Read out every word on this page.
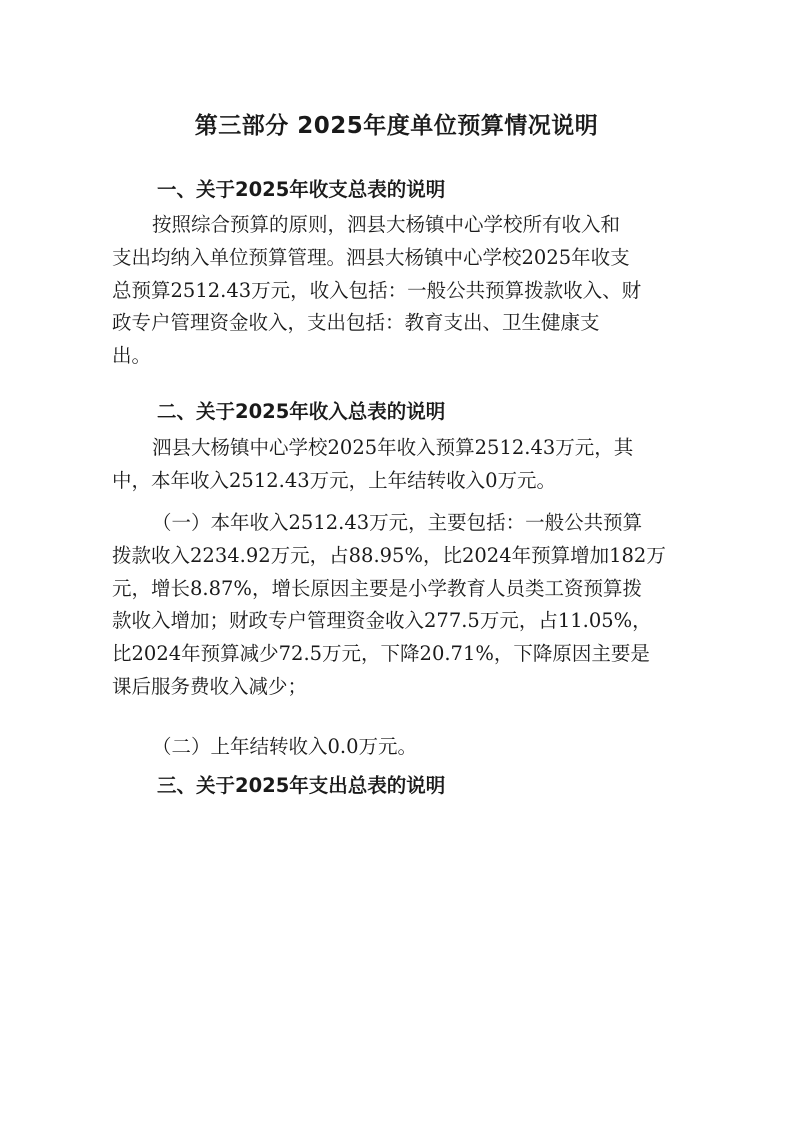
第三部分 2025年度单位预算情况说明
一、关于2025年收支总表的说明
按照综合预算的原则，泗县大杨镇中心学校所有收入和
支出均纳入单位预算管理。泗县大杨镇中心学校2025年收支
总预算2512.43万元，收入包括：一般公共预算拨款收入、财
政专户管理资金收入，支出包括：教育支出、卫生健康支
出。
二、关于2025年收入总表的说明
泗县大杨镇中心学校2025年收入预算2512.43万元，其
中，本年收入2512.43万元，上年结转收入0万元。
（一）本年收入2512.43万元，主要包括：一般公共预算
拨款收入2234.92万元，占88.95%，比2024年预算增加182万
元，增长8.87%，增长原因主要是小学教育人员类工资预算拨
款收入增加；财政专户管理资金收入277.5万元，占11.05%，
比2024年预算减少72.5万元，下降20.71%，下降原因主要是
课后服务费收入减少；
（二）上年结转收入0.0万元。
三、关于2025年支出总表的说明
